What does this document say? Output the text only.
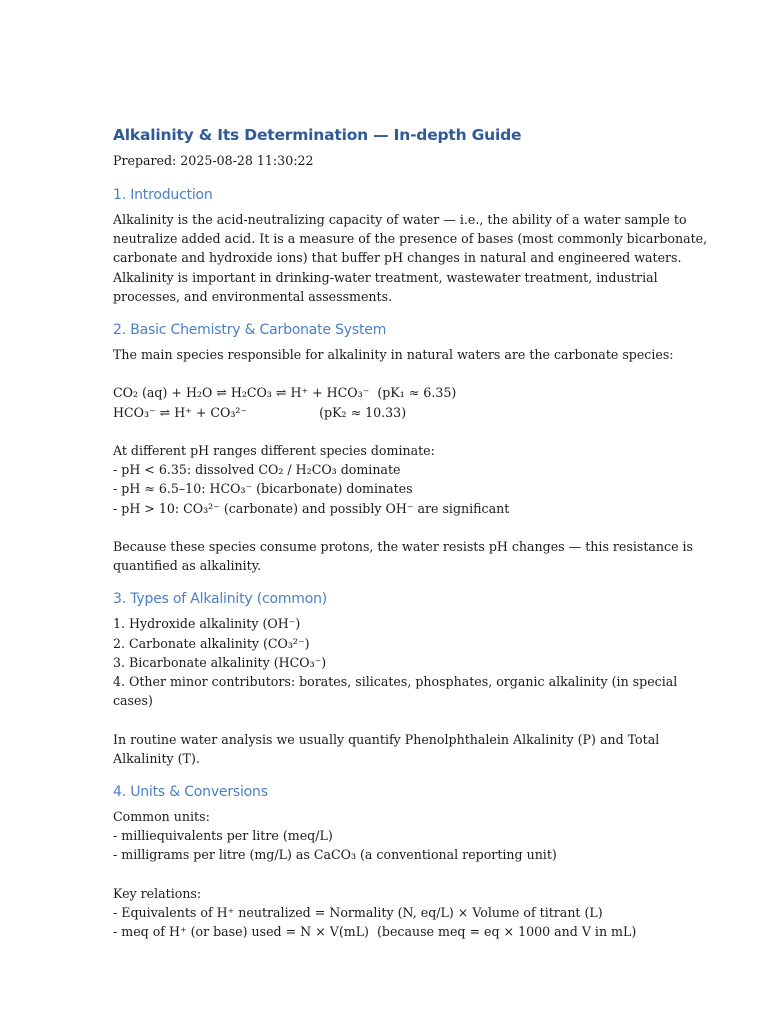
Alkalinity & Its Determination — In-depth Guide
Prepared: 2025-08-28 11:30:22
1. Introduction
Alkalinity is the acid-neutralizing capacity of water — i.e., the ability of a water sample to
neutralize added acid. It is a measure of the presence of bases (most commonly bicarbonate,
carbonate and hydroxide ions) that buffer pH changes in natural and engineered waters.
Alkalinity is important in drinking-water treatment, wastewater treatment, industrial
processes, and environmental assessments.
2. Basic Chemistry & Carbonate System
The main species responsible for alkalinity in natural waters are the carbonate species:
CO₂ (aq) + H₂O ⇌ H₂CO₃ ⇌ H⁺ + HCO₃⁻  (pK₁ ≈ 6.35)
HCO₃⁻ ⇌ H⁺ + CO₃²⁻                  (pK₂ ≈ 10.33)
At different pH ranges different species dominate:
- pH < 6.35: dissolved CO₂ / H₂CO₃ dominate
- pH ≈ 6.5–10: HCO₃⁻ (bicarbonate) dominates
- pH > 10: CO₃²⁻ (carbonate) and possibly OH⁻ are significant
Because these species consume protons, the water resists pH changes — this resistance is
quantified as alkalinity.
3. Types of Alkalinity (common)
1. Hydroxide alkalinity (OH⁻)
2. Carbonate alkalinity (CO₃²⁻)
3. Bicarbonate alkalinity (HCO₃⁻)
4. Other minor contributors: borates, silicates, phosphates, organic alkalinity (in special
cases)
In routine water analysis we usually quantify Phenolphthalein Alkalinity (P) and Total
Alkalinity (T).
4. Units & Conversions
Common units:
- milliequivalents per litre (meq/L)
- milligrams per litre (mg/L) as CaCO₃ (a conventional reporting unit)
Key relations:
- Equivalents of H⁺ neutralized = Normality (N, eq/L) × Volume of titrant (L)
- meq of H⁺ (or base) used = N × V(mL)  (because meq = eq × 1000 and V in mL)
